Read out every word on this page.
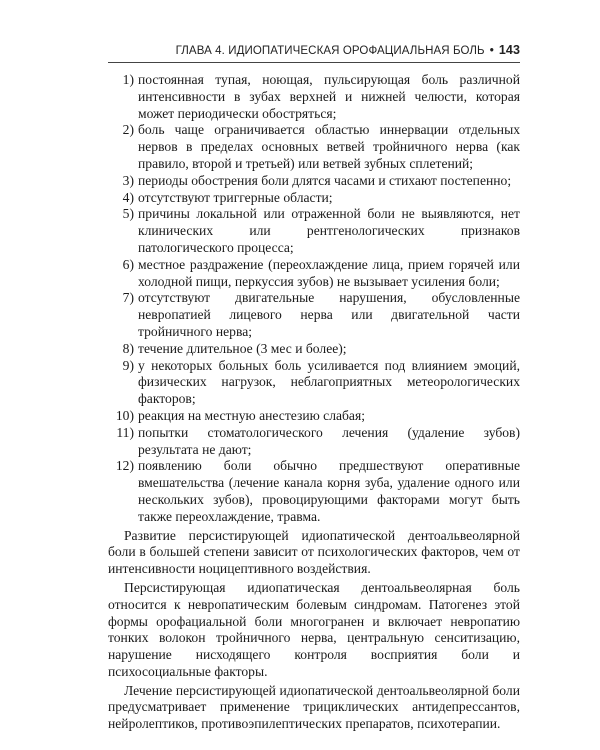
ГЛАВА 4. ИДИОПАТИЧЕСКАЯ ОРОФАЦИАЛЬНАЯ БОЛЬ • 143
1) постоянная тупая, ноющая, пульсирующая боль различной интенсивности в зубах верхней и нижней челюсти, которая может периодически обостряться;
2) боль чаще ограничивается областью иннервации отдельных нервов в пределах основных ветвей тройничного нерва (как правило, второй и третьей) или ветвей зубных сплетений;
3) периоды обострения боли длятся часами и стихают постепенно;
4) отсутствуют триггерные области;
5) причины локальной или отраженной боли не выявляются, нет клинических или рентгенологических признаков патологического процесса;
6) местное раздражение (переохлаждение лица, прием горячей или холодной пищи, перкуссия зубов) не вызывает усиления боли;
7) отсутствуют двигательные нарушения, обусловленные невропатией лицевого нерва или двигательной части тройничного нерва;
8) течение длительное (3 мес и более);
9) у некоторых больных боль усиливается под влиянием эмоций, физических нагрузок, неблагоприятных метеорологических факторов;
10) реакция на местную анестезию слабая;
11) попытки стоматологического лечения (удаление зубов) результата не дают;
12) появлению боли обычно предшествуют оперативные вмешательства (лечение канала корня зуба, удаление одного или нескольких зубов), провоцирующими факторами могут быть также переохлаждение, травма.

Развитие персистирующей идиопатической дентоальвеолярной боли в большей степени зависит от психологических факторов, чем от интенсивности ноцицептивного воздействия.

Персистирующая идиопатическая дентоальвеолярная боль относится к невропатическим болевым синдромам. Патогенез этой формы орофациальной боли многогранен и включает невропатию тонких волокон тройничного нерва, центральную сенситизацию, нарушение нисходящего контроля восприятия боли и психосоциальные факторы.

Лечение персистирующей идиопатической дентоальвеолярной боли предусматривает применение трициклических антидепрессантов, нейролептиков, противоэпилептических препаратов, психотерапии.
